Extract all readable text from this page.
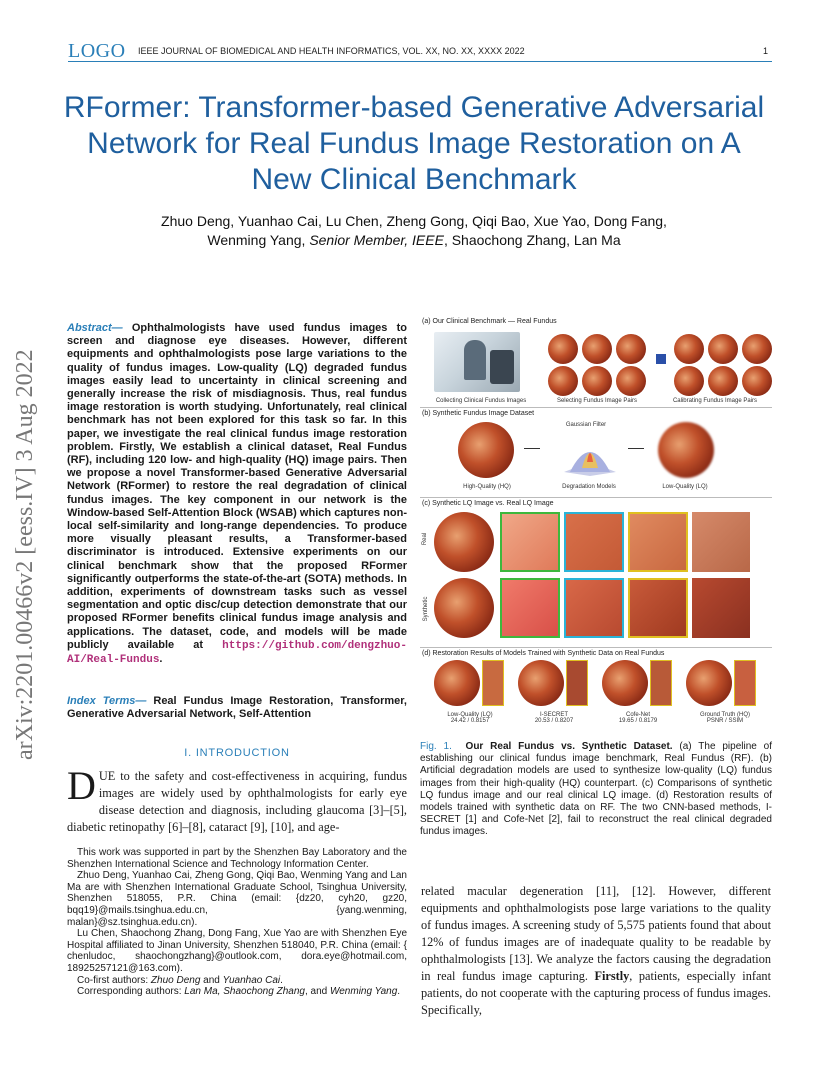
LOGO IEEE JOURNAL OF BIOMEDICAL AND HEALTH INFORMATICS, VOL. XX, NO. XX, XXXX 2022	1
arXiv:2201.00466v2 [eess.IV] 3 Aug 2022
RFormer: Transformer-based Generative Adversarial Network for Real Fundus Image Restoration on A New Clinical Benchmark
Zhuo Deng, Yuanhao Cai, Lu Chen, Zheng Gong, Qiqi Bao, Xue Yao, Dong Fang,
Wenming Yang, Senior Member, IEEE, Shaochong Zhang, Lan Ma
Abstract— Ophthalmologists have used fundus images to screen and diagnose eye diseases. However, different equipments and ophthalmologists pose large variations to the quality of fundus images. Low-quality (LQ) degraded fundus images easily lead to uncertainty in clinical screening and generally increase the risk of misdiagnosis. Thus, real fundus image restoration is worth studying. Unfortunately, real clinical benchmark has not been explored for this task so far. In this paper, we investigate the real clinical fundus image restoration problem. Firstly, We establish a clinical dataset, Real Fundus (RF), including 120 low- and high-quality (HQ) image pairs. Then we propose a novel Transformer-based Generative Adversarial Network (RFormer) to restore the real degradation of clinical fundus images. The key component in our network is the Window-based Self-Attention Block (WSAB) which captures non-local self-similarity and long-range dependencies. To produce more visually pleasant results, a Transformer-based discriminator is introduced. Extensive experiments on our clinical benchmark show that the proposed RFormer significantly outperforms the state-of-the-art (SOTA) methods. In addition, experiments of downstream tasks such as vessel segmentation and optic disc/cup detection demonstrate that our proposed RFormer benefits clinical fundus image analysis and applications. The dataset, code, and models will be made publicly available at https://github.com/dengzhuo-AI/Real-Fundus.
Index Terms— Real Fundus Image Restoration, Transformer, Generative Adversarial Network, Self-Attention
I. INTRODUCTION
DUE to the safety and cost-effectiveness in acquiring, fundus images are widely used by ophthalmologists for early eye disease detection and diagnosis, including glaucoma [3]–[5], diabetic retinopathy [6]–[8], cataract [9], [10], and age-

This work was supported in part by the Shenzhen Bay Laboratory and the Shenzhen International Science and Technology Information Center.

Zhuo Deng, Yuanhao Cai, Zheng Gong, Qiqi Bao, Wenming Yang and Lan Ma are with Shenzhen International Graduate School, Tsinghua University, Shenzhen 518055, P.R. China (email: {dz20, cyh20, gz20, bqq19}@mails.tsinghua.edu.cn, {yang.wenming, malan}@sz.tsinghua.edu.cn).

Lu Chen, Shaochong Zhang, Dong Fang, Xue Yao are with Shenzhen Eye Hospital affiliated to Jinan University, Shenzhen 518040, P.R. China (email: { chenludoc, shaochongzhang}@outlook.com, dora.eye@hotmail.com, 18925257121@163.com).

Co-first authors: Zhuo Deng and Yuanhao Cai.

Corresponding authors: Lan Ma, Shaochong Zhang, and Wenming Yang.

(a) Our Clinical Benchmark — Real Fundus
Collecting Clinical Fundus Images	Selecting Fundus Image Pairs	Calibrating Fundus Image Pairs
(b) Synthetic Fundus Image Dataset
Gaussian Filter
High-Quality (HQ)	Degradation Models	Low-Quality (LQ)
(c) Synthetic LQ Image vs. Real LQ Image
Real
Synthetic
(d) Restoration Results of Models Trained with Synthetic Data on Real Fundus
Low-Quality (LQ)
24.42 / 0.8157
I-SECRET
20.53 / 0.8207
Cofe-Net
19.65 / 0.8179
Ground Truth (HQ)
PSNR / SSIM
Fig. 1. Our Real Fundus vs. Synthetic Dataset. (a) The pipeline of establishing our clinical fundus image benchmark, Real Fundus (RF). (b) Artificial degradation models are used to synthesize low-quality (LQ) fundus images from their high-quality (HQ) counterpart. (c) Comparisons of synthetic LQ fundus image and our real clinical LQ image. (d) Restoration results of models trained with synthetic data on RF. The two CNN-based methods, I-SECRET [1] and Cofe-Net [2], fail to reconstruct the real clinical degraded fundus images.
related macular degeneration [11], [12]. However, different equipments and ophthalmologists pose large variations to the quality of fundus images. A screening study of 5,575 patients found that about 12% of fundus images are of inadequate quality to be readable by ophthalmologists [13]. We analyze the factors causing the degradation in real fundus image capturing. Firstly, patients, especially infant patients, do not cooperate with the capturing process of fundus images. Specifically,
